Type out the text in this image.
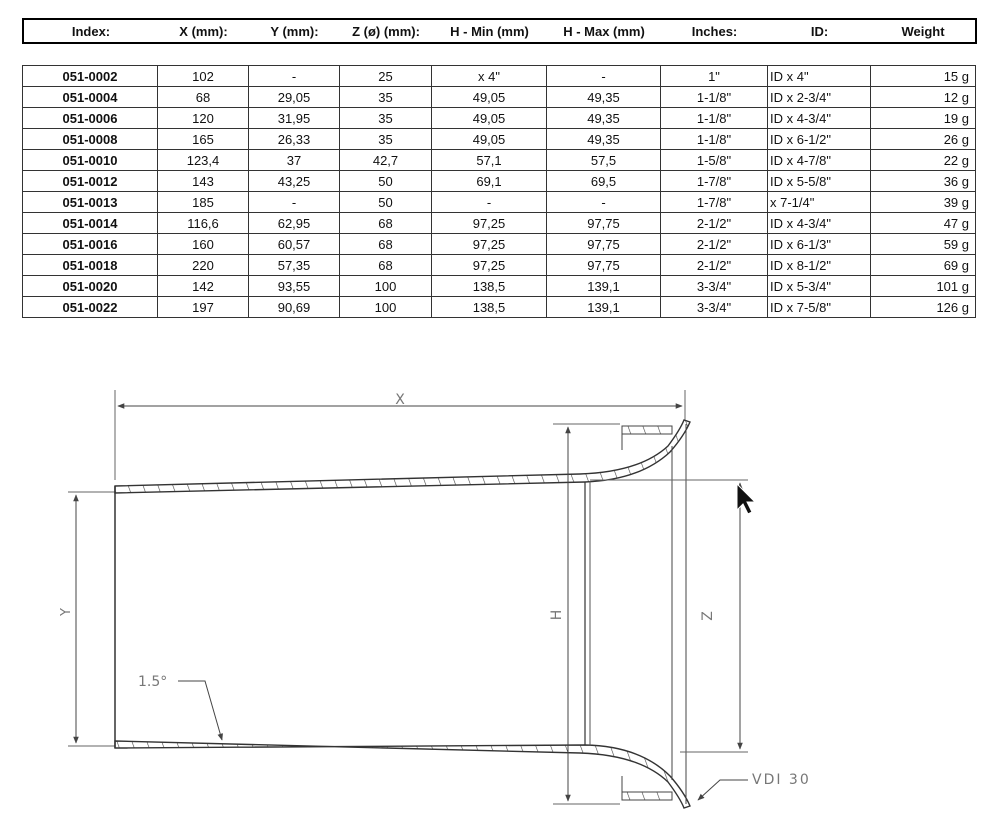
Index:	X (mm):	Y (mm):	Z (ø) (mm):	H - Min (mm)	H - Max (mm)	Inches:	ID:	Weight
051-0002	102	-	25	x 4"	-	1"	ID x 4"	15 g
051-0004	68	29,05	35	49,05	49,35	1-1/8"	ID x 2-3/4"	12 g
051-0006	120	31,95	35	49,05	49,35	1-1/8"	ID x 4-3/4"	19 g
051-0008	165	26,33	35	49,05	49,35	1-1/8"	ID x 6-1/2"	26 g
051-0010	123,4	37	42,7	57,1	57,5	1-5/8"	ID x 4-7/8"	22 g
051-0012	143	43,25	50	69,1	69,5	1-7/8"	ID x 5-5/8"	36 g
051-0013	185	-	50	-	-	1-7/8"	x 7-1/4"	39 g
051-0014	116,6	62,95	68	97,25	97,75	2-1/2"	ID x 4-3/4"	47 g
051-0016	160	60,57	68	97,25	97,75	2-1/2"	ID x 6-1/3"	59 g
051-0018	220	57,35	68	97,25	97,75	2-1/2"	ID x 8-1/2"	69 g
051-0020	142	93,55	100	138,5	139,1	3-3/4"	ID x 5-3/4"	101 g
051-0022	197	90,69	100	138,5	139,1	3-3/4"	ID x 7-5/8"	126 g
X
Y	H	Z
1.5°
VDI 30
